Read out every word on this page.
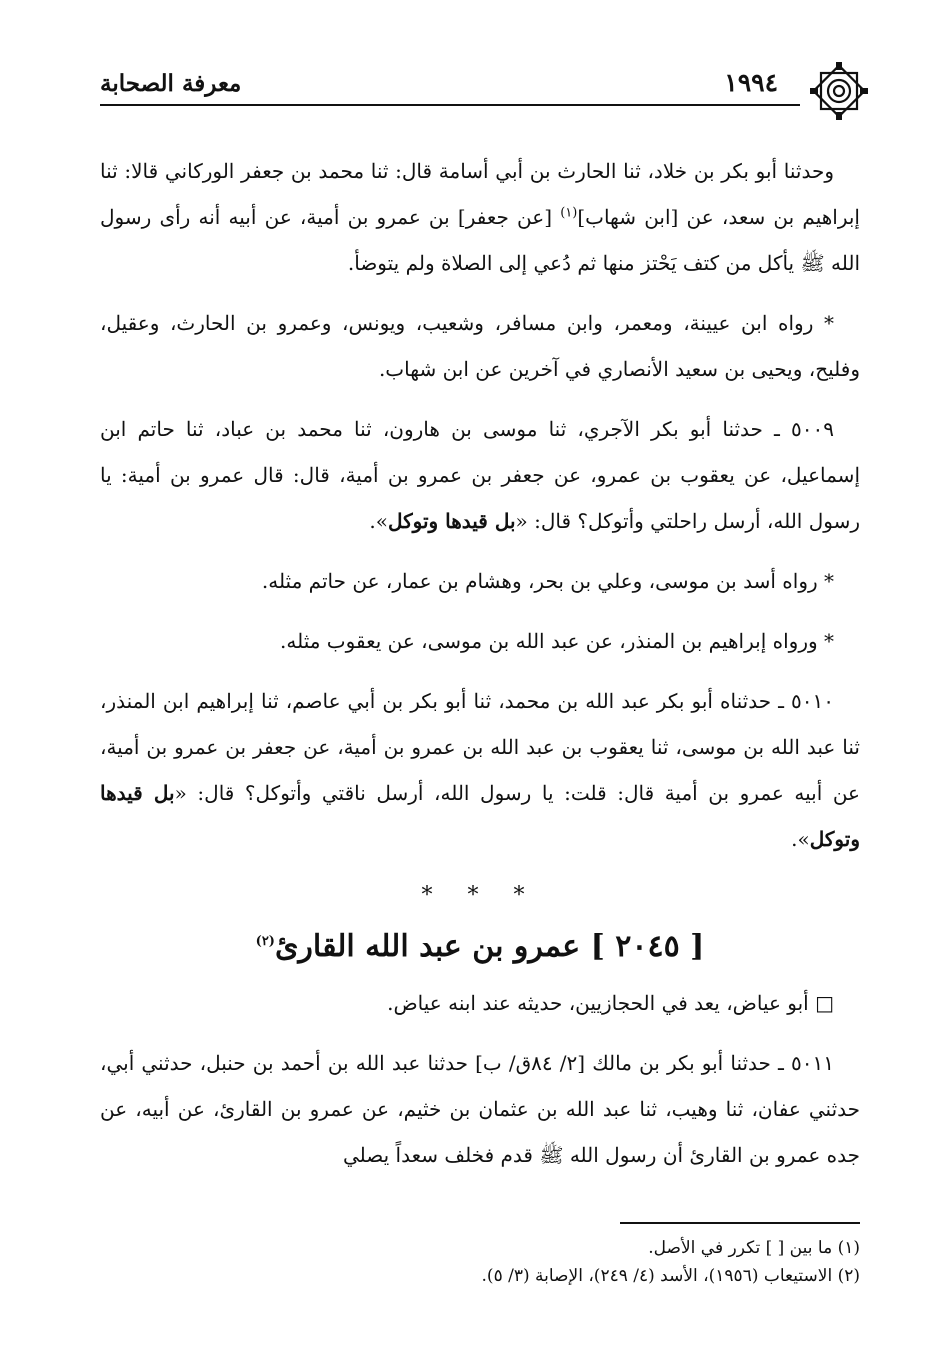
١٩٩٤
معرفة الصحابة

وحدثنا أبو بكر بن خلاد، ثنا الحارث بن أبي أسامة قال: ثنا محمد بن جعفر الوركاني قالا: ثنا إبراهيم بن سعد، عن [ابن شهاب]$^{(١)}$ [عن جعفر] بن عمرو بن أمية، عن أبيه أنه رأى رسول الله ﷺ يأكل من كتف يَحْتز منها ثم دُعي إلى الصلاة ولم يتوضأ.

* رواه ابن عيينة، ومعمر، وابن مسافر، وشعيب، ويونس، وعمرو بن الحارث، وعقيل، وفليح، ويحيى بن سعيد الأنصاري في آخرين عن ابن شهاب.

٥٠٠٩ ـ حدثنا أبو بكر الآجري، ثنا موسى بن هارون، ثنا محمد بن عباد، ثنا حاتم ابن إسماعيل، عن يعقوب بن عمرو، عن جعفر بن عمرو بن أمية، قال: قال عمرو بن أمية: يا رسول الله، أرسل راحلتي وأتوكل؟ قال: «بل قيدها وتوكل».

* رواه أسد بن موسى، وعلي بن بحر، وهشام بن عمار، عن حاتم مثله.

* ورواه إبراهيم بن المنذر، عن عبد الله بن موسى، عن يعقوب مثله.

٥٠١٠ ـ حدثناه أبو بكر عبد الله بن محمد، ثنا أبو بكر بن أبي عاصم، ثنا إبراهيم ابن المنذر، ثنا عبد الله بن موسى، ثنا يعقوب بن عبد الله بن عمرو بن أمية، عن جعفر بن عمرو بن أمية، عن أبيه عمرو بن أمية قال: قلت: يا رسول الله، أرسل ناقتي وأتوكل؟ قال: «بل قيدها وتوكل».

* * *
[ ٢٠٤٥ ] عمرو بن عبد الله القارئ$^{(٢)}$

□ أبو عياض، يعد في الحجازيين، حديثه عند ابنه عياض.

٥٠١١ ـ حدثنا أبو بكر بن مالك [٢/ ٨٤ق/ ب] حدثنا عبد الله بن أحمد بن حنبل، حدثني أبي، حدثني عفان، ثنا وهيب، ثنا عبد الله بن عثمان بن خثيم، عن عمرو بن القارئ، عن أبيه، عن جده عمرو بن القارئ أن رسول الله ﷺ قدم فخلف سعداً يصلي

(١) ما بين [ ] تكرر في الأصل.

(٢) الاستيعاب (١٩٥٦)، الأسد (٤/ ٢٤٩)، الإصابة (٣/ ٥).
